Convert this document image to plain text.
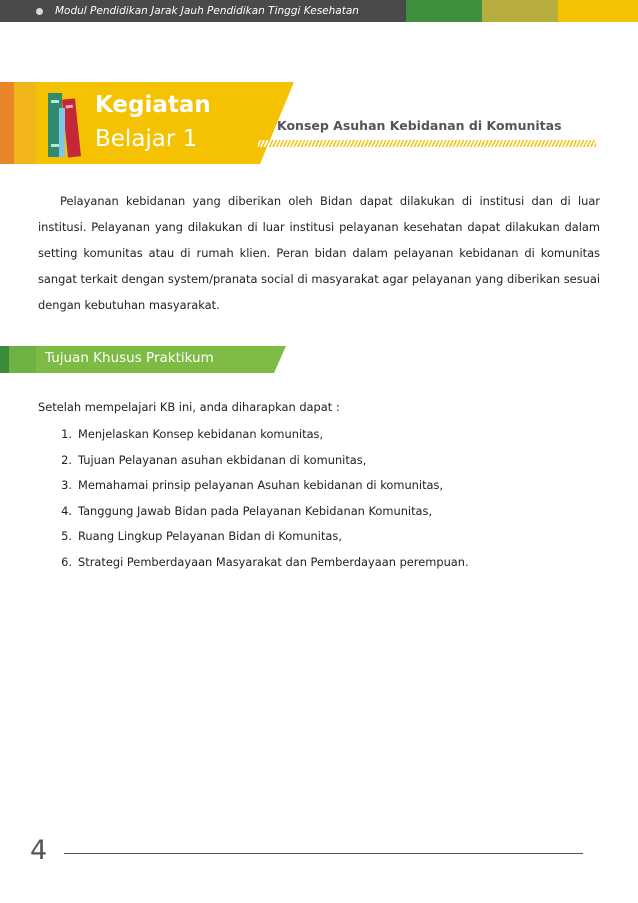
Modul Pendidikan Jarak Jauh Pendidikan Tinggi Kesehatan
Kegiatan
Belajar 1
Konsep Asuhan Kebidanan di Komunitas

Pelayanan kebidanan yang diberikan oleh Bidan dapat dilakukan di institusi dan di luar institusi. Pelayanan yang dilakukan di luar institusi pelayanan kesehatan dapat dilakukan dalam setting komunitas atau di rumah klien. Peran bidan dalam pelayanan kebidanan di komunitas sangat terkait dengan system/pranata social di masyarakat agar pelayanan yang diberikan sesuai dengan kebutuhan masyarakat.

Tujuan Khusus Praktikum
Setelah mempelajari KB ini, anda diharapkan dapat :
1. Menjelaskan Konsep kebidanan komunitas,
2. Tujuan Pelayanan asuhan ekbidanan di komunitas,
3. Memahamai prinsip pelayanan Asuhan kebidanan di komunitas,
4. Tanggung Jawab Bidan pada Pelayanan Kebidanan Komunitas,
5. Ruang Lingkup Pelayanan Bidan di Komunitas,
6. Strategi Pemberdayaan Masyarakat dan Pemberdayaan perempuan.
4
